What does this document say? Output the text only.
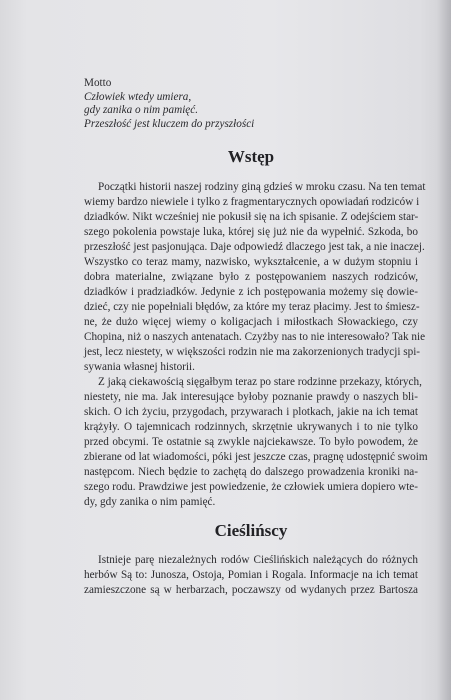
Motto
Człowiek wtedy umiera,
gdy zanika o nim pamięć.
Przeszłość jest kluczem do przyszłości
Wstęp
Początki historii naszej rodziny giną gdzieś w mroku czasu. Na ten temat
wiemy bardzo niewiele i tylko z fragmentarycznych opowiadań rodziców i
dziadków. Nikt wcześniej nie pokusił się na ich spisanie. Z odejściem star-
szego pokolenia powstaje luka, której się już nie da wypełnić. Szkoda, bo
przeszłość jest pasjonująca. Daje odpowiedź dlaczego jest tak, a nie inaczej.
Wszystko co teraz mamy, nazwisko, wykształcenie, a w dużym stopniu i
dobra materialne, związane było z postępowaniem naszych rodziców,
dziadków i pradziadków. Jedynie z ich postępowania możemy się dowie-
dzieć, czy nie popełniali błędów, za które my teraz płacimy. Jest to śmiesz-
ne, że dużo więcej wiemy o koligacjach i miłostkach Słowackiego, czy
Chopina, niż o naszych antenatach. Czyżby nas to nie interesowało? Tak nie
jest, lecz niestety, w większości rodzin nie ma zakorzenionych tradycji spi-
sywania własnej historii.
Z jaką ciekawością sięgałbym teraz po stare rodzinne przekazy, których,
niestety, nie ma. Jak interesujące byłoby poznanie prawdy o naszych bli-
skich. O ich życiu, przygodach, przywarach i plotkach, jakie na ich temat
krążyły. O tajemnicach rodzinnych, skrzętnie ukrywanych i to nie tylko
przed obcymi. Te ostatnie są zwykle najciekawsze. To było powodem, że
zbierane od lat wiadomości, póki jest jeszcze czas, pragnę udostępnić swoim
następcom. Niech będzie to zachętą do dalszego prowadzenia kroniki na-
szego rodu. Prawdziwe jest powiedzenie, że człowiek umiera dopiero wte-
dy, gdy zanika o nim pamięć.
Cieślińscy
Istnieje parę niezależnych rodów Cieślińskich należących do różnych
herbów Są to: Junosza, Ostoja, Pomian i Rogala. Informacje na ich temat
zamieszczone są w herbarzach, poczawszy od wydanych przez Bartosza
